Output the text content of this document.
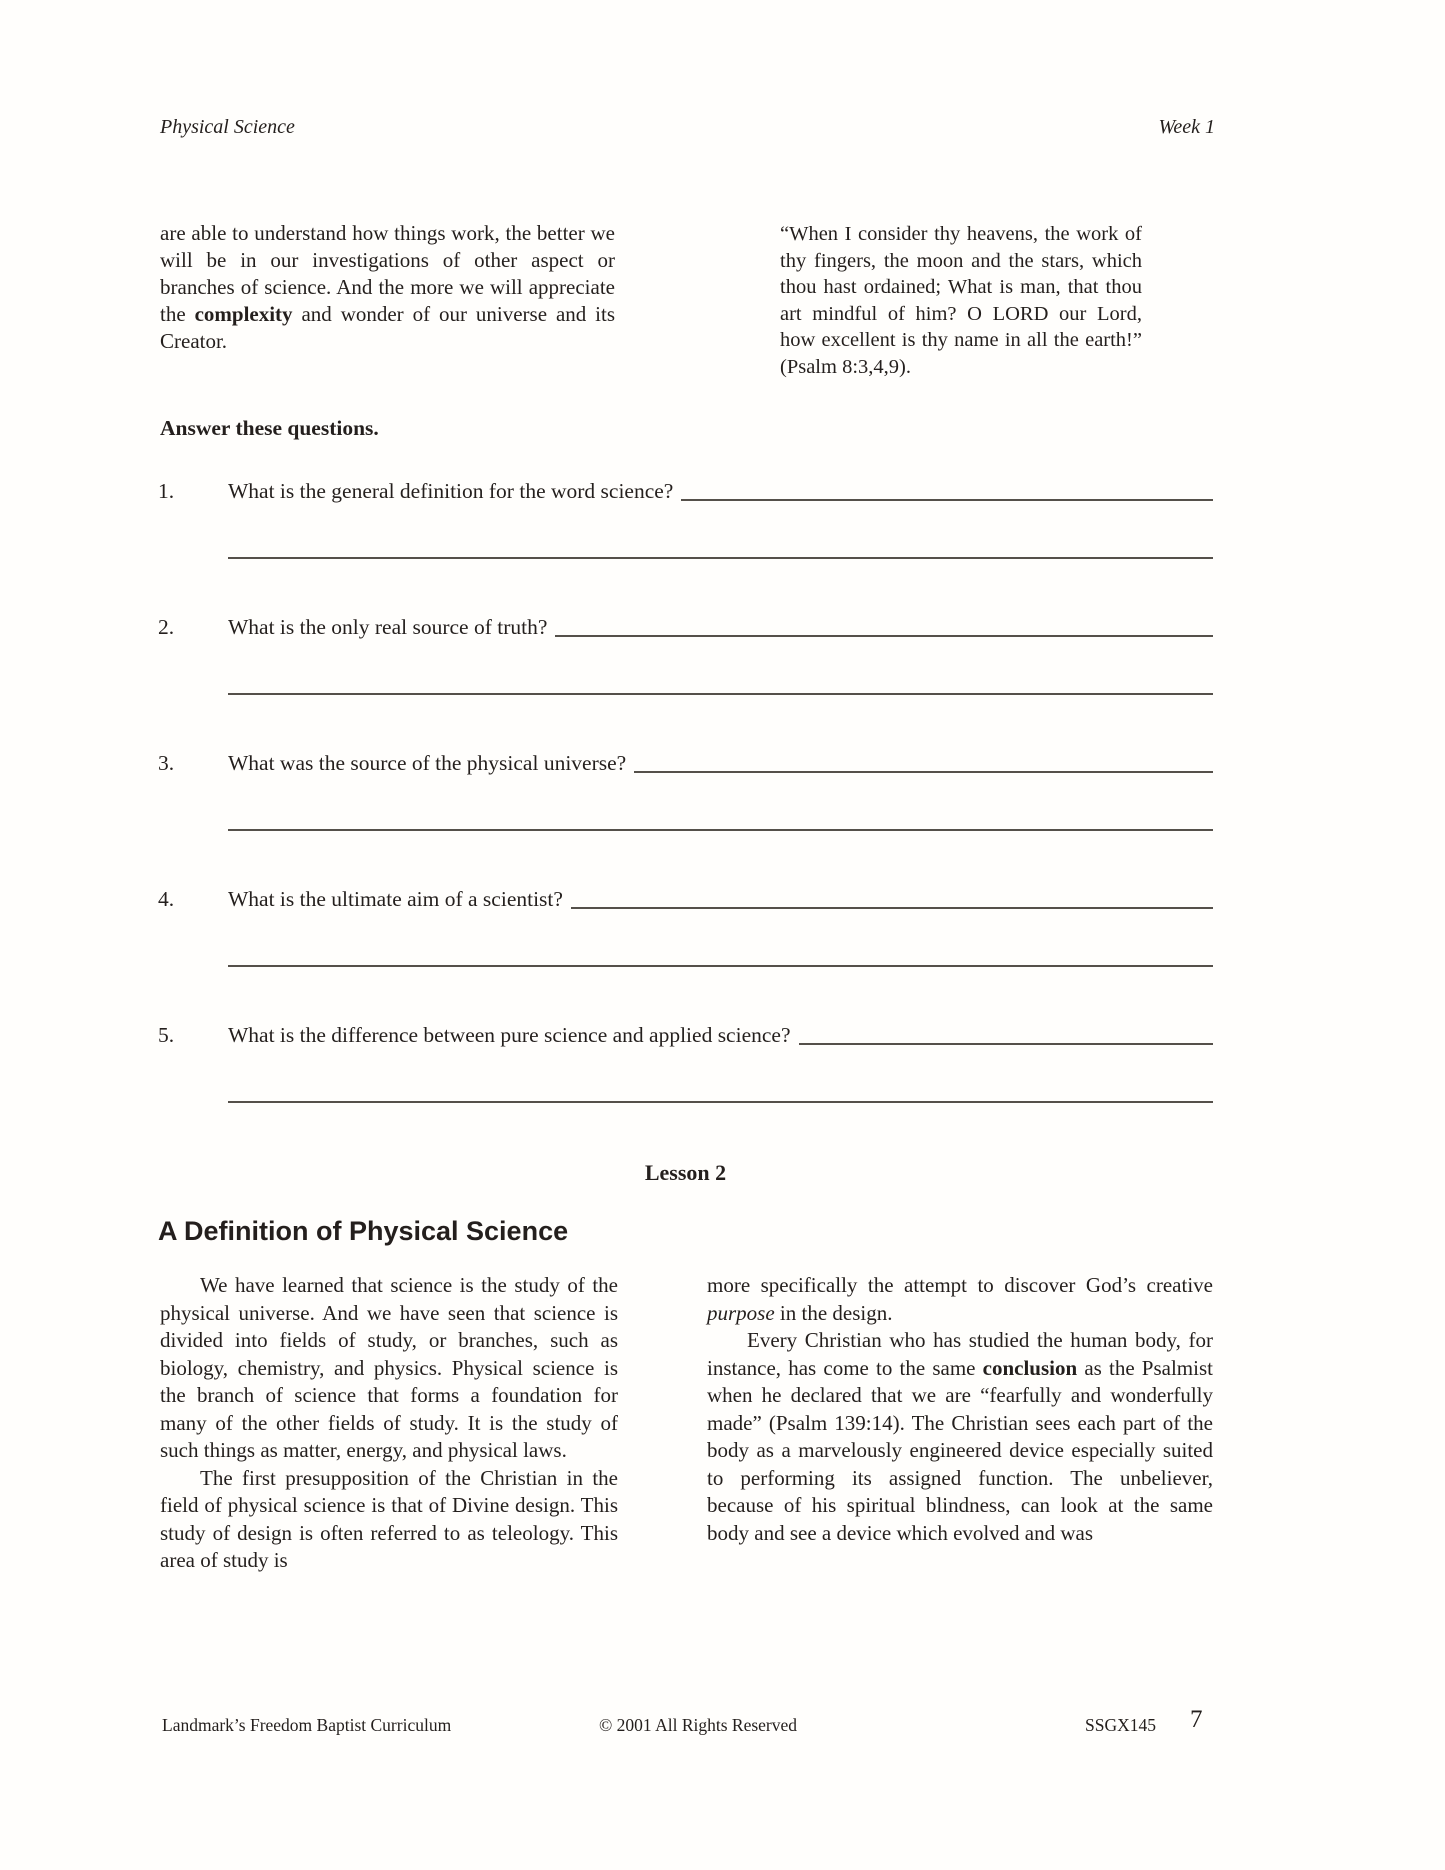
Physical Science	Week 1

are able to understand how things work, the better we will be in our investigations of other aspect or branches of science. And the more we will appreciate the complexity and wonder of our universe and its Creator.

“When I consider thy heavens, the work of thy fingers, the moon and the stars, which thou hast ordained; What is man, that thou art mindful of him? O LORD our Lord, how excellent is thy name in all the earth!” (Psalm 8:3,4,9).

Answer these questions.
1.	What is the general definition for the word science?
2.	What is the only real source of truth?
3.	What was the source of the physical universe?
4.	What is the ultimate aim of a scientist?
5.	What is the difference between pure science and applied science?
Lesson 2
A Definition of Physical Science

We have learned that science is the study of the physical universe. And we have seen that science is divided into fields of study, or branches, such as biology, chemistry, and physics. Physical science is the branch of science that forms a foundation for many of the other fields of study. It is the study of such things as matter, energy, and physical laws.

The first presupposition of the Christian in the field of physical science is that of Divine design. This study of design is often referred to as teleology. This area of study is

more specifically the attempt to discover God’s creative purpose in the design.

Every Christian who has studied the human body, for instance, has come to the same conclusion as the Psalmist when he declared that we are “fearfully and wonderfully made” (Psalm 139:14). The Christian sees each part of the body as a marvelously engineered device especially suited to performing its assigned function. The unbeliever, because of his spiritual blindness, can look at the same body and see a device which evolved and was

Landmark’s Freedom Baptist Curriculum	© 2001 All Rights Reserved	SSGX145 7
